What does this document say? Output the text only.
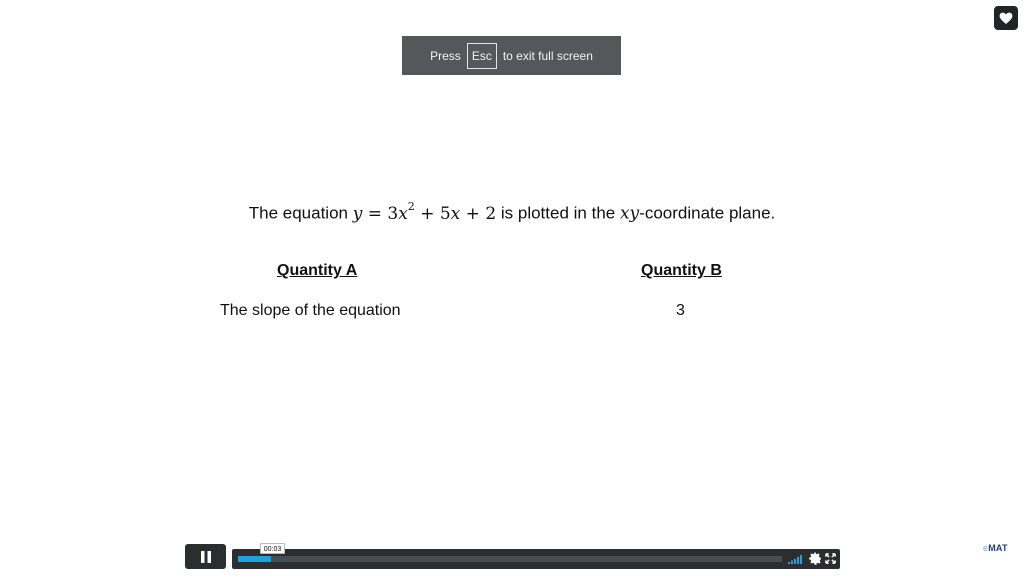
Press Esc to exit full screen
The equation $y = 3x^2 + 5x + 2$ is plotted in the xy-coordinate plane.
Quantity A	Quantity B
The slope of the equation	3
00:03	eMAT
